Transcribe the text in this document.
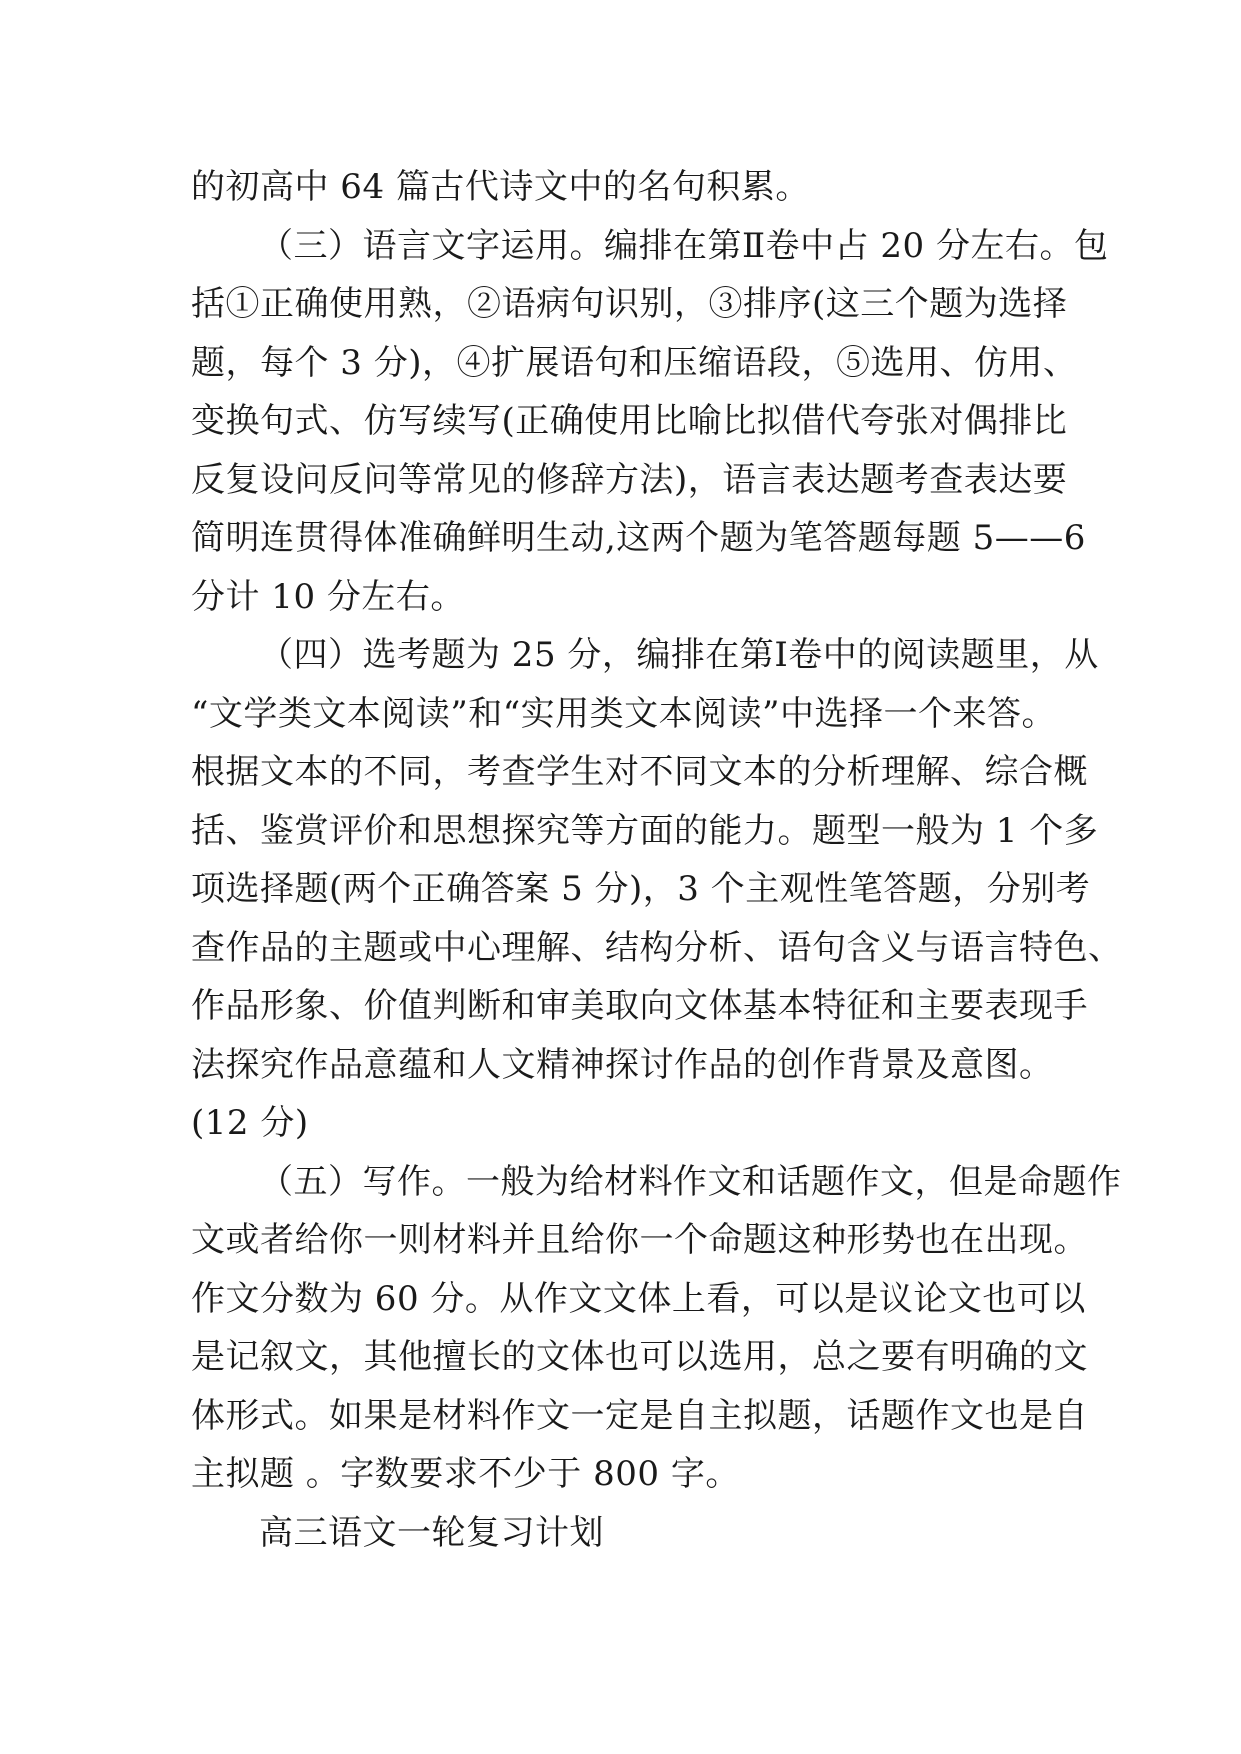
的初高中 64 篇古代诗文中的名句积累。
（三）语言文字运用。编排在第Ⅱ卷中占 20 分左右。包
括①正确使用熟，②语病句识别，③排序(这三个题为选择
题，每个 3 分)，④扩展语句和压缩语段，⑤选用、仿用、
变换句式、仿写续写(正确使用比喻比拟借代夸张对偶排比
反复设问反问等常见的修辞方法)，语言表达题考查表达要
简明连贯得体准确鲜明生动,这两个题为笔答题每题 5——6
分计 10 分左右。
（四）选考题为 25 分，编排在第Ⅰ卷中的阅读题里，从
“文学类文本阅读”和“实用类文本阅读”中选择一个来答。
根据文本的不同，考查学生对不同文本的分析理解、综合概
括、鉴赏评价和思想探究等方面的能力。题型一般为 1 个多
项选择题(两个正确答案 5 分)，3 个主观性笔答题，分别考
查作品的主题或中心理解、结构分析、语句含义与语言特色、
作品形象、价值判断和审美取向文体基本特征和主要表现手
法探究作品意蕴和人文精神探讨作品的创作背景及意图。
(12 分)
（五）写作。一般为给材料作文和话题作文，但是命题作
文或者给你一则材料并且给你一个命题这种形势也在出现。
作文分数为 60 分。从作文文体上看，可以是议论文也可以
是记叙文，其他擅长的文体也可以选用，总之要有明确的文
体形式。如果是材料作文一定是自主拟题，话题作文也是自
主拟题 。字数要求不少于 800 字。
高三语文一轮复习计划
